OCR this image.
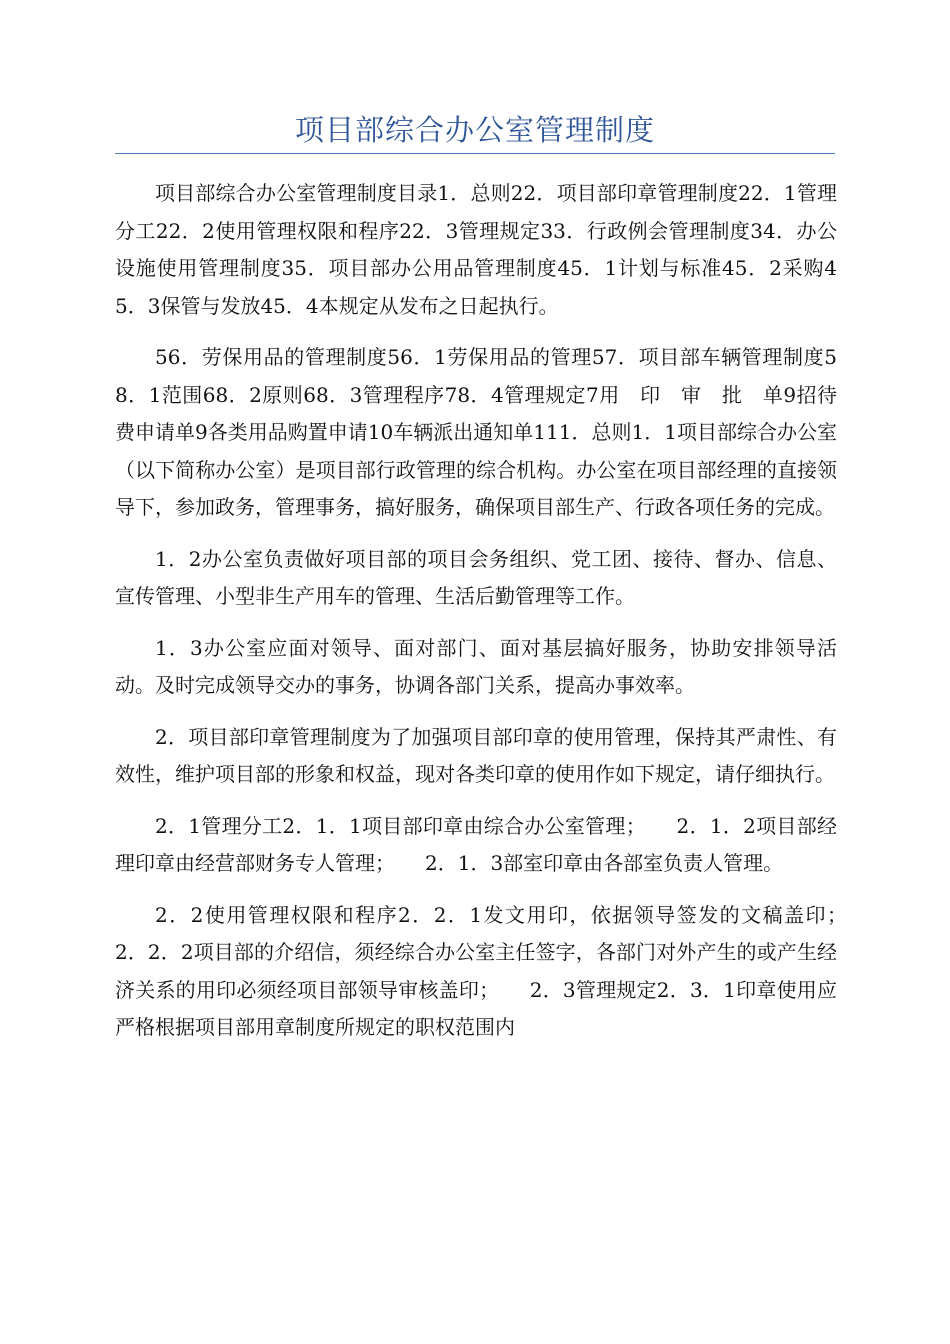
项目部综合办公室管理制度

项目部综合办公室管理制度目录1．总则22．项目部印章管理制度22．1管理分工22．2使用管理权限和程序22．3管理规定33．行政例会管理制度34．办公设施使用管理制度35．项目部办公用品管理制度45．1计划与标准45．2采购45．3保管与发放45．4本规定从发布之日起执行。

56．劳保用品的管理制度56．1劳保用品的管理57．项目部车辆管理制度58．1范围68．2原则68．3管理程序78．4管理规定7用　印　审　批　单9招待费申请单9各类用品购置申请10车辆派出通知单111．总则1．1项目部综合办公室（以下简称办公室）是项目部行政管理的综合机构。办公室在项目部经理的直接领导下，参加政务，管理事务，搞好服务，确保项目部生产、行政各项任务的完成。

1．2办公室负责做好项目部的项目会务组织、党工团、接待、督办、信息、宣传管理、小型非生产用车的管理、生活后勤管理等工作。

1．3办公室应面对领导、面对部门、面对基层搞好服务，协助安排领导活动。及时完成领导交办的事务，协调各部门关系，提高办事效率。

2．项目部印章管理制度为了加强项目部印章的使用管理，保持其严肃性、有效性，维护项目部的形象和权益，现对各类印章的使用作如下规定，请仔细执行。

2．1管理分工2．1．1项目部印章由综合办公室管理；　　2．1．2项目部经理印章由经营部财务专人管理；　　2．1．3部室印章由各部室负责人管理。

2．2使用管理权限和程序2．2．1发文用印，依据领导签发的文稿盖印；　　2．2．2项目部的介绍信，须经综合办公室主任签字，各部门对外产生的或产生经济关系的用印必须经项目部领导审核盖印；　　2．3管理规定2．3．1印章使用应严格根据项目部用章制度所规定的职权范围内
